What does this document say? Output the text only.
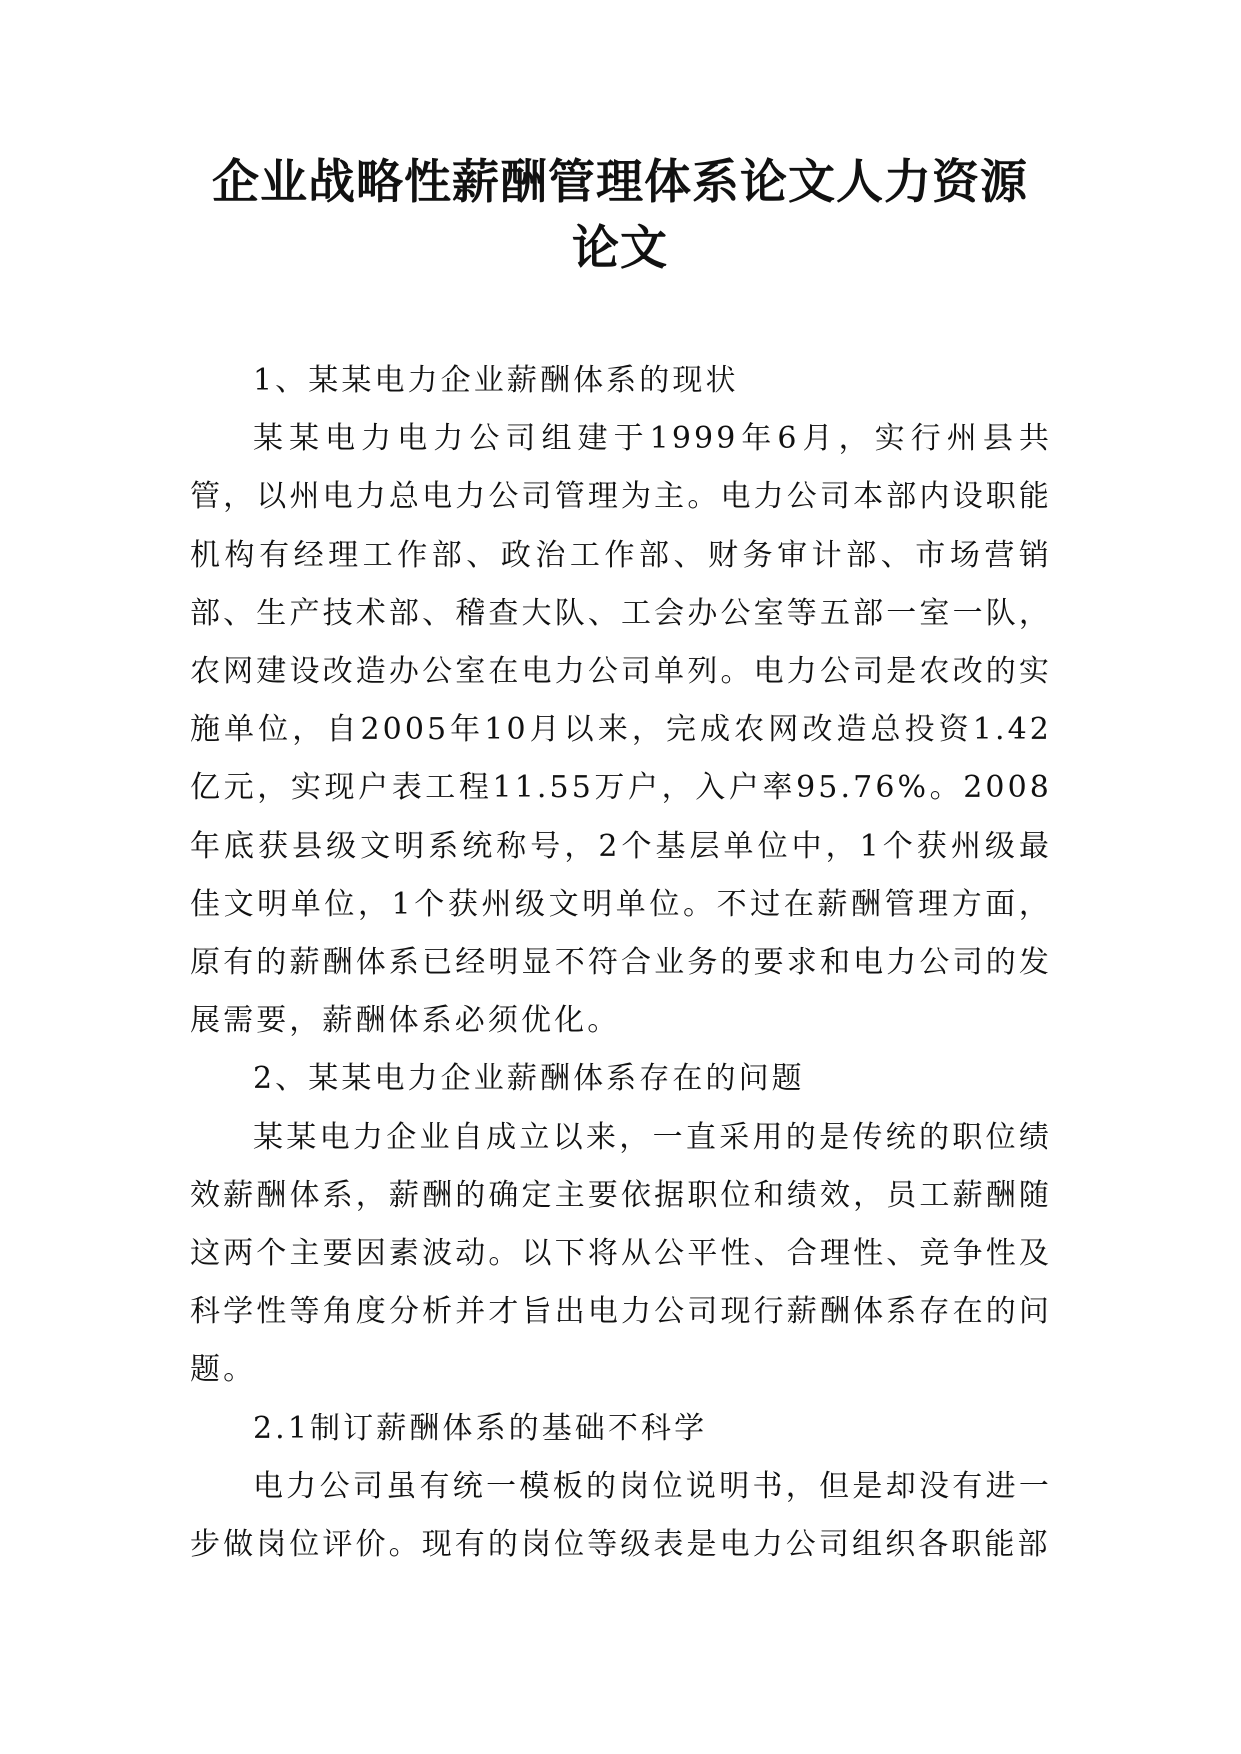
企业战略性薪酬管理体系论文人力资源论文

1、某某电力企业薪酬体系的现状

某某电力电力公司组建于1999年6月，实行州县共管，以州电力总电力公司管理为主。电力公司本部内设职能机构有经理工作部、政治工作部、财务审计部、市场营销部、生产技术部、稽查大队、工会办公室等五部一室一队，农网建设改造办公室在电力公司单列。电力公司是农改的实施单位，自2005年10月以来，完成农网改造总投资1.42亿元，实现户表工程11.55万户，入户率95.76%。2008年底获县级文明系统称号，2个基层单位中，1个获州级最佳文明单位，1个获州级文明单位。不过在薪酬管理方面，原有的薪酬体系已经明显不符合业务的要求和电力公司的发展需要，薪酬体系必须优化。

2、某某电力企业薪酬体系存在的问题

某某电力企业自成立以来，一直采用的是传统的职位绩效薪酬体系，薪酬的确定主要依据职位和绩效，员工薪酬随这两个主要因素波动。以下将从公平性、合理性、竞争性及科学性等角度分析并才旨出电力公司现行薪酬体系存在的问题。

2.1制订薪酬体系的基础不科学

电力公司虽有统一模板的岗位说明书，但是却没有进一步做岗位评价。现有的岗位等级表是电力公司组织各职能部
